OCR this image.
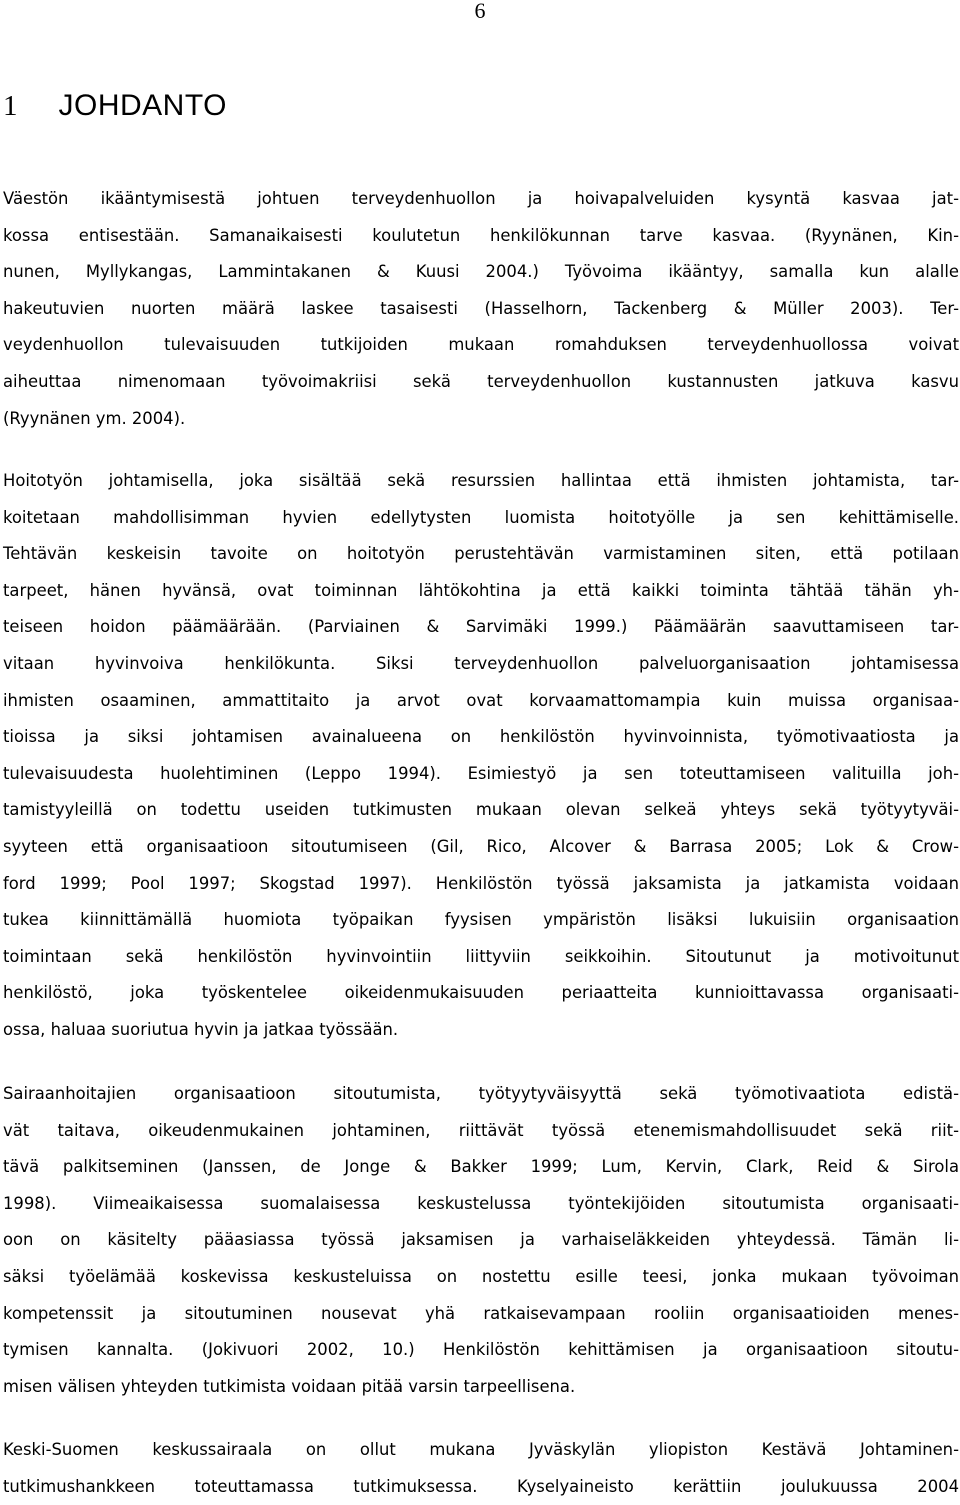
6
1 JOHDANTO
Väestön ikääntymisestä johtuen terveydenhuollon ja hoivapalveluiden kysyntä kasvaa jat-
kossa entisestään. Samanaikaisesti koulutetun henkilökunnan tarve kasvaa. (Ryynänen, Kin-
nunen, Myllykangas, Lammintakanen & Kuusi 2004.) Työvoima ikääntyy, samalla kun alalle
hakeutuvien nuorten määrä laskee tasaisesti (Hasselhorn, Tackenberg & Müller 2003). Ter-
veydenhuollon tulevaisuuden tutkijoiden mukaan romahduksen terveydenhuollossa voivat
aiheuttaa nimenomaan työvoimakriisi sekä terveydenhuollon kustannusten jatkuva kasvu
(Ryynänen ym. 2004).
Hoitotyön johtamisella, joka sisältää sekä resurssien hallintaa että ihmisten johtamista, tar-
koitetaan mahdollisimman hyvien edellytysten luomista hoitotyölle ja sen kehittämiselle.
Tehtävän keskeisin tavoite on hoitotyön perustehtävän varmistaminen siten, että potilaan
tarpeet, hänen hyvänsä, ovat toiminnan lähtökohtina ja että kaikki toiminta tähtää tähän yh-
teiseen hoidon päämäärään. (Parviainen & Sarvimäki 1999.) Päämäärän saavuttamiseen tar-
vitaan hyvinvoiva henkilökunta. Siksi terveydenhuollon palveluorganisaation johtamisessa
ihmisten osaaminen, ammattitaito ja arvot ovat korvaamattomampia kuin muissa organisaa-
tioissa ja siksi johtamisen avainalueena on henkilöstön hyvinvoinnista, työmotivaatiosta ja
tulevaisuudesta huolehtiminen (Leppo 1994). Esimiestyö ja sen toteuttamiseen valituilla joh-
tamistyyleillä on todettu useiden tutkimusten mukaan olevan selkeä yhteys sekä työtyytyväi-
syyteen että organisaatioon sitoutumiseen (Gil, Rico, Alcover & Barrasa 2005; Lok & Crow-
ford 1999; Pool 1997; Skogstad 1997). Henkilöstön työssä jaksamista ja jatkamista voidaan
tukea kiinnittämällä huomiota työpaikan fyysisen ympäristön lisäksi lukuisiin organisaation
toimintaan sekä henkilöstön hyvinvointiin liittyviin seikkoihin. Sitoutunut ja motivoitunut
henkilöstö, joka työskentelee oikeidenmukaisuuden periaatteita kunnioittavassa organisaati-
ossa, haluaa suoriutua hyvin ja jatkaa työssään.
Sairaanhoitajien organisaatioon sitoutumista, työtyytyväisyyttä sekä työmotivaatiota edistä-
vät taitava, oikeudenmukainen johtaminen, riittävät työssä etenemismahdollisuudet sekä riit-
tävä palkitseminen (Janssen, de Jonge & Bakker 1999; Lum, Kervin, Clark, Reid & Sirola
1998). Viimeaikaisessa suomalaisessa keskustelussa työntekijöiden sitoutumista organisaati-
oon on käsitelty pääasiassa työssä jaksamisen ja varhaiseläkkeiden yhteydessä. Tämän li-
säksi työelämää koskevissa keskusteluissa on nostettu esille teesi, jonka mukaan työvoiman
kompetenssit ja sitoutuminen nousevat yhä ratkaisevampaan rooliin organisaatioiden menes-
tymisen kannalta. (Jokivuori 2002, 10.) Henkilöstön kehittämisen ja organisaatioon sitoutu-
misen välisen yhteyden tutkimista voidaan pitää varsin tarpeellisena.
Keski-Suomen keskussairaala on ollut mukana Jyväskylän yliopiston Kestävä Johtaminen-
tutkimushankkeen toteuttamassa tutkimuksessa. Kyselyaineisto kerättiin joulukuussa 2004
